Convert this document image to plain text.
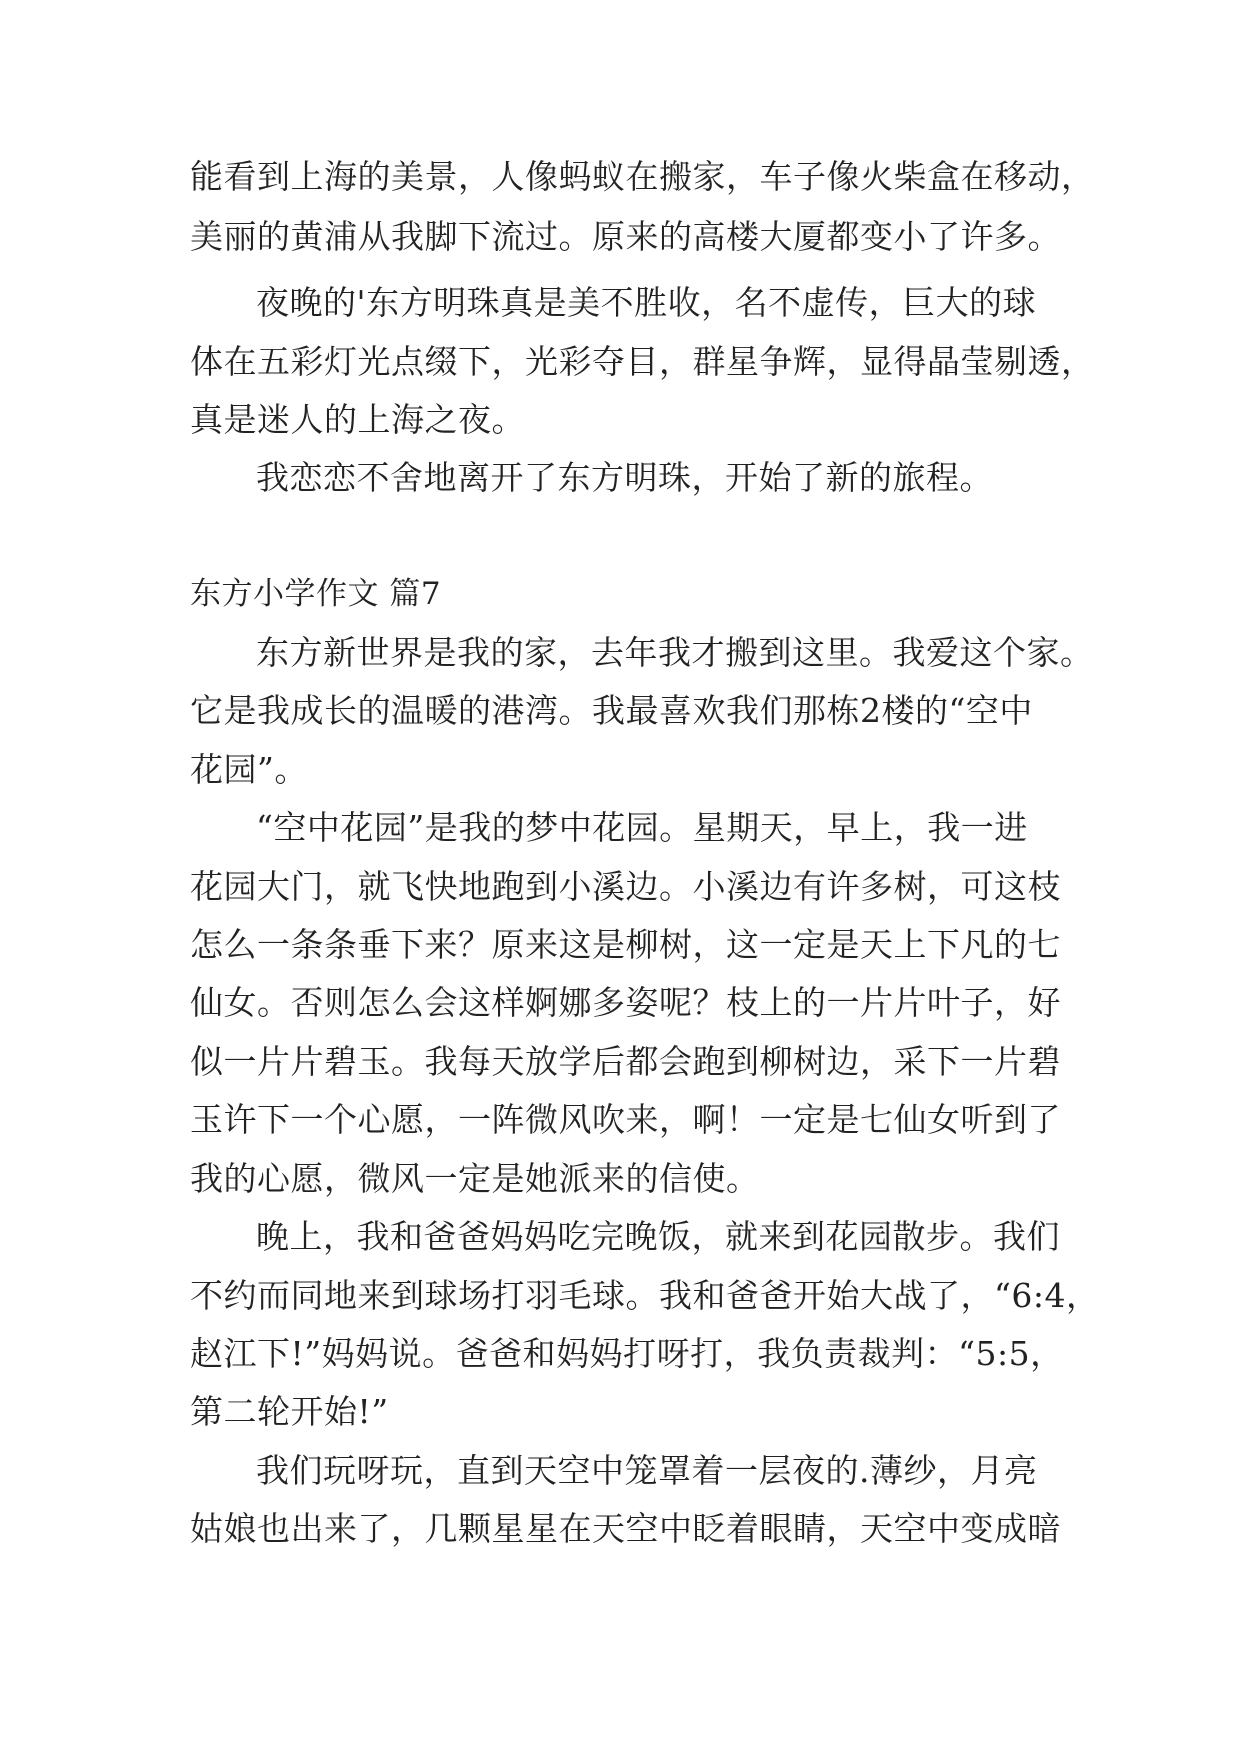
能看到上海的美景，人像蚂蚁在搬家，车子像火柴盒在移动，
美丽的黄浦从我脚下流过。原来的高楼大厦都变小了许多。
夜晚的'东方明珠真是美不胜收，名不虚传，巨大的球
体在五彩灯光点缀下，光彩夺目，群星争辉，显得晶莹剔透，
真是迷人的上海之夜。
我恋恋不舍地离开了东方明珠，开始了新的旅程。
东方小学作文 篇7
东方新世界是我的家，去年我才搬到这里。我爱这个家。
它是我成长的温暖的港湾。我最喜欢我们那栋2楼的“空中
花园”。
“空中花园”是我的梦中花园。星期天，早上，我一进
花园大门，就飞快地跑到小溪边。小溪边有许多树，可这枝
怎么一条条垂下来？原来这是柳树，这一定是天上下凡的七
仙女。否则怎么会这样婀娜多姿呢？枝上的一片片叶子，好
似一片片碧玉。我每天放学后都会跑到柳树边，采下一片碧
玉许下一个心愿，一阵微风吹来，啊！一定是七仙女听到了
我的心愿，微风一定是她派来的信使。
晚上，我和爸爸妈妈吃完晚饭，就来到花园散步。我们
不约而同地来到球场打羽毛球。我和爸爸开始大战了，“6:4，
赵江下!”妈妈说。爸爸和妈妈打呀打，我负责裁判：“5:5，
第二轮开始!”
我们玩呀玩，直到天空中笼罩着一层夜的.薄纱，月亮
姑娘也出来了，几颗星星在天空中眨着眼睛，天空中变成暗
